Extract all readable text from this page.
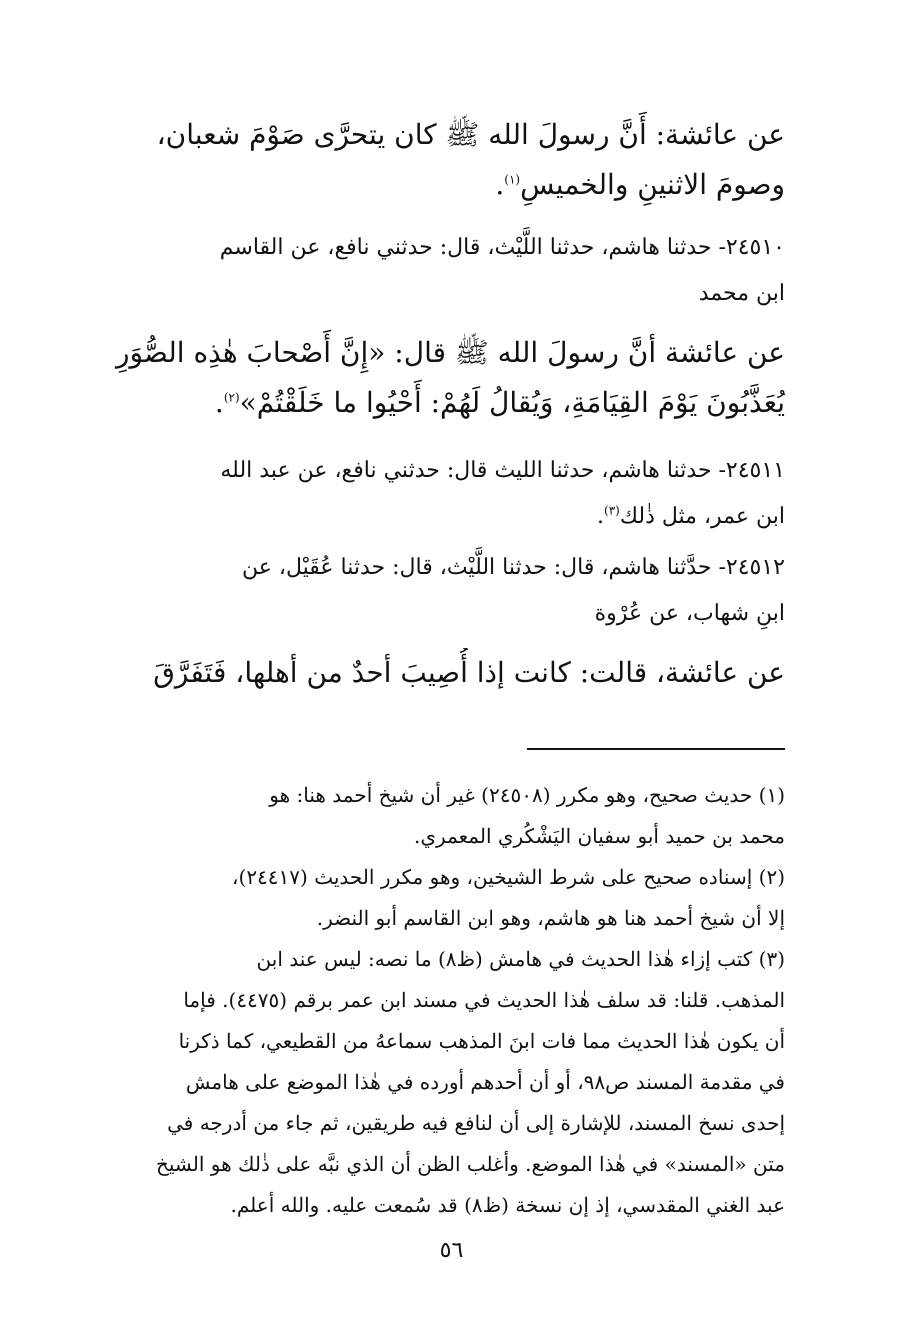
عن عائشة: أَنَّ رسولَ الله ﷺ كان يتحرَّى صَوْمَ شعبان،
وصومَ الاثنينِ والخميسِ$^{(١)}$.
٢٤٥١٠- حدثنا هاشم، حدثنا اللَّيْث، قال: حدثني نافع، عن القاسم
ابن محمد
عن عائشة أنَّ رسولَ الله ﷺ قال: «إِنَّ أَصْحابَ هٰذِه الصُّوَرِ
يُعَذَّبُونَ يَوْمَ القِيَامَةِ، وَيُقالُ لَهُمْ: أَحْيُوا ما خَلَقْتُمْ»$^{(٢)}$.
٢٤٥١١- حدثنا هاشم، حدثنا الليث قال: حدثني نافع، عن عبد الله
ابن عمر، مثل ذٰلك$^{(٣)}$.
٢٤٥١٢- حدَّثنا هاشم، قال: حدثنا اللَّيْث، قال: حدثنا عُقَيْل، عن
ابنِ شهاب، عن عُرْوة
عن عائشة، قالت: كانت إذا أُصِيبَ أحدٌ من أهلها، فَتَفَرَّقَ
(١) حديث صحيح، وهو مكرر (٢٤٥٠٨) غير أن شيخ أحمد هنا: هو
محمد بن حميد أبو سفيان اليَشْكُري المعمري.
(٢) إسناده صحيح على شرط الشيخين، وهو مكرر الحديث (٢٤٤١٧)،
إلا أن شيخ أحمد هنا هو هاشم، وهو ابن القاسم أبو النضر.
(٣) كتب إزاء هٰذا الحديث في هامش (ظ٨) ما نصه: ليس عند ابن
المذهب. قلنا: قد سلف هٰذا الحديث في مسند ابن عمر برقم (٤٤٧٥). فإما
أن يكون هٰذا الحديث مما فات ابنَ المذهب سماعهُ من القطيعي، كما ذكرنا
في مقدمة المسند ص٩٨، أو أن أحدهم أورده في هٰذا الموضع على هامش
إحدى نسخ المسند، للإشارة إلى أن لنافع فيه طريقين، ثم جاء من أدرجه في
متن «المسند» في هٰذا الموضع. وأغلب الظن أن الذي نبَّه على ذٰلك هو الشيخ
عبد الغني المقدسي، إذ إن نسخة (ظ٨) قد سُمعت عليه. والله أعلم.
٥٦
